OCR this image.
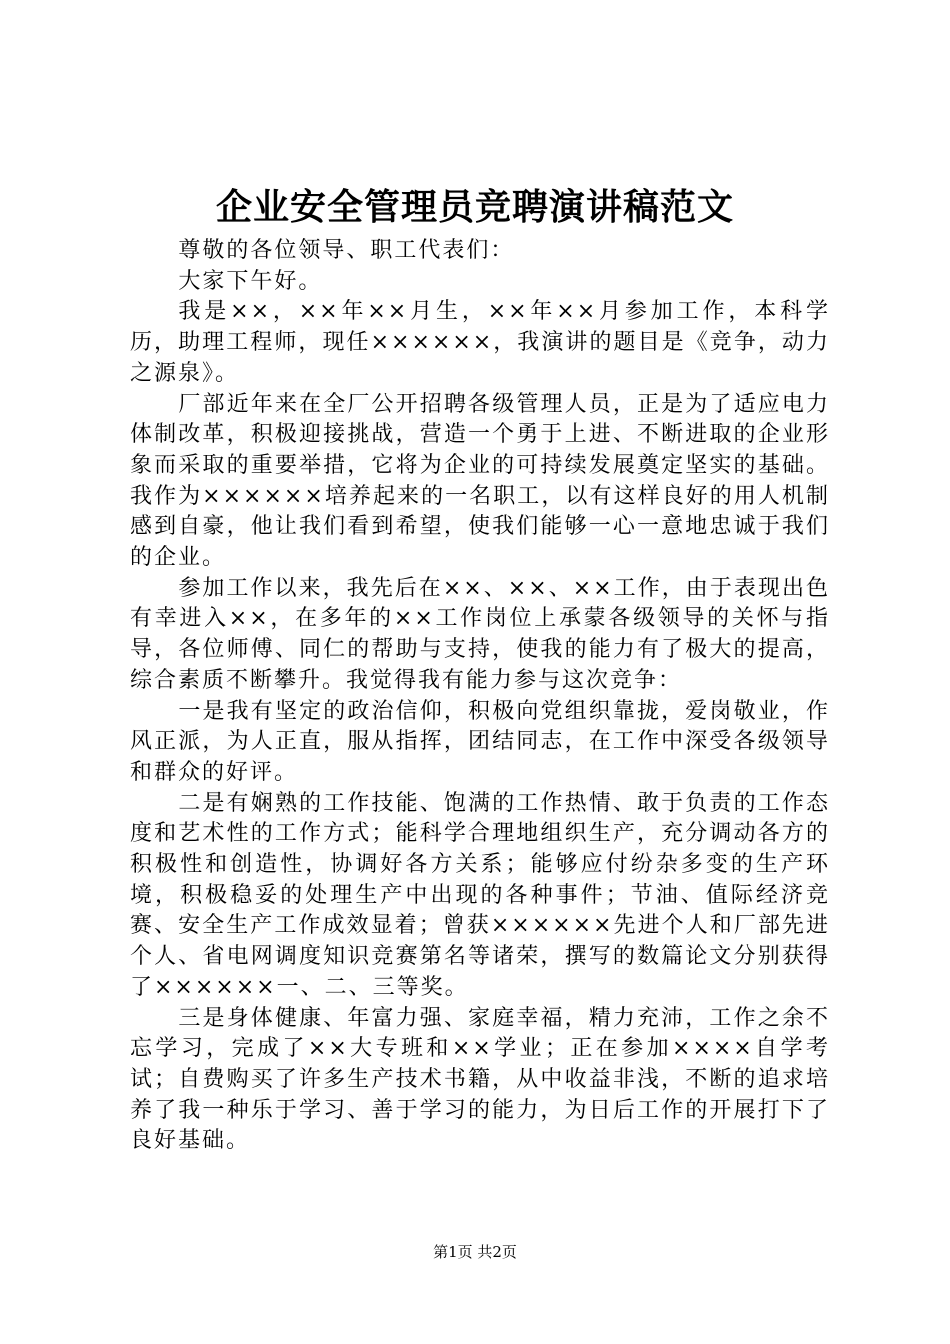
企业安全管理员竞聘演讲稿范文

尊敬的各位领导、职工代表们：

大家下午好。

我是××，××年××月生，××年××月参加工作，本科学历，助理工程师，现任××××××，我演讲的题目是《竞争，动力之源泉》。

厂部近年来在全厂公开招聘各级管理人员，正是为了适应电力体制改革，积极迎接挑战，营造一个勇于上进、不断进取的企业形象而采取的重要举措，它将为企业的可持续发展奠定坚实的基础。我作为××××××培养起来的一名职工，以有这样良好的用人机制感到自豪，他让我们看到希望，使我们能够一心一意地忠诚于我们的企业。

参加工作以来，我先后在××、××、××工作，由于表现出色有幸进入××，在多年的××工作岗位上承蒙各级领导的关怀与指导，各位师傅、同仁的帮助与支持，使我的能力有了极大的提高，综合素质不断攀升。我觉得我有能力参与这次竞争：

一是我有坚定的政治信仰，积极向党组织靠拢，爱岗敬业，作风正派，为人正直，服从指挥，团结同志，在工作中深受各级领导和群众的好评。

二是有娴熟的工作技能、饱满的工作热情、敢于负责的工作态度和艺术性的工作方式；能科学合理地组织生产，充分调动各方的积极性和创造性，协调好各方关系；能够应付纷杂多变的生产环境，积极稳妥的处理生产中出现的各种事件；节油、值际经济竞赛、安全生产工作成效显着；曾获××××××先进个人和厂部先进个人、省电网调度知识竞赛第名等诸荣，撰写的数篇论文分别获得了××××××一、二、三等奖。

三是身体健康、年富力强、家庭幸福，精力充沛，工作之余不忘学习，完成了××大专班和××学业；正在参加××××自学考试；自费购买了许多生产技术书籍，从中收益非浅，不断的追求培养了我一种乐于学习、善于学习的能力，为日后工作的开展打下了良好基础。

第1页 共2页
